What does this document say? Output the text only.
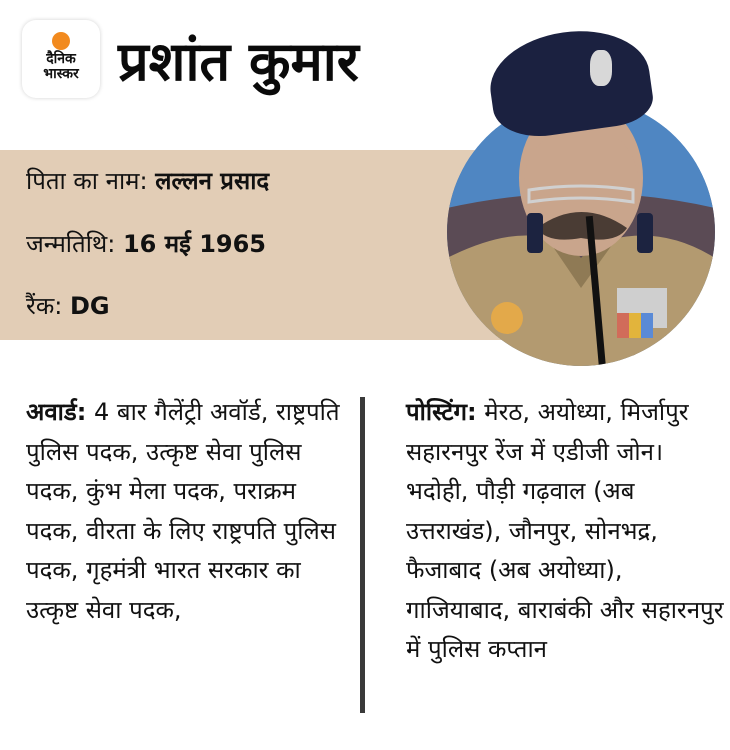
दैनिक
भास्कर प्रशांत कुमार
पिता का नाम: लल्लन प्रसाद
जन्मतिथि: 16 मई 1965
रैंक: DG
अवार्ड: 4 बार गैलेंट्री अवॉर्ड, राष्ट्रपति पुलिस पदक, उत्कृष्ट सेवा पुलिस पदक, कुंभ मेला पदक, पराक्रम पदक, वीरता के लिए राष्ट्रपति पुलिस पदक, गृहमंत्री भारत सरकार का उत्कृष्ट सेवा पदक,
पोस्टिंग: मेरठ, अयोध्या, मिर्जापुर सहारनपुर रेंज में एडीजी जोन। भदोही, पौड़ी गढ़वाल (अब उत्तराखंड), जौनपुर, सोनभद्र, फैजाबाद (अब अयोध्या), गाजियाबाद, बाराबंकी और सहारनपुर में पुलिस कप्तान
